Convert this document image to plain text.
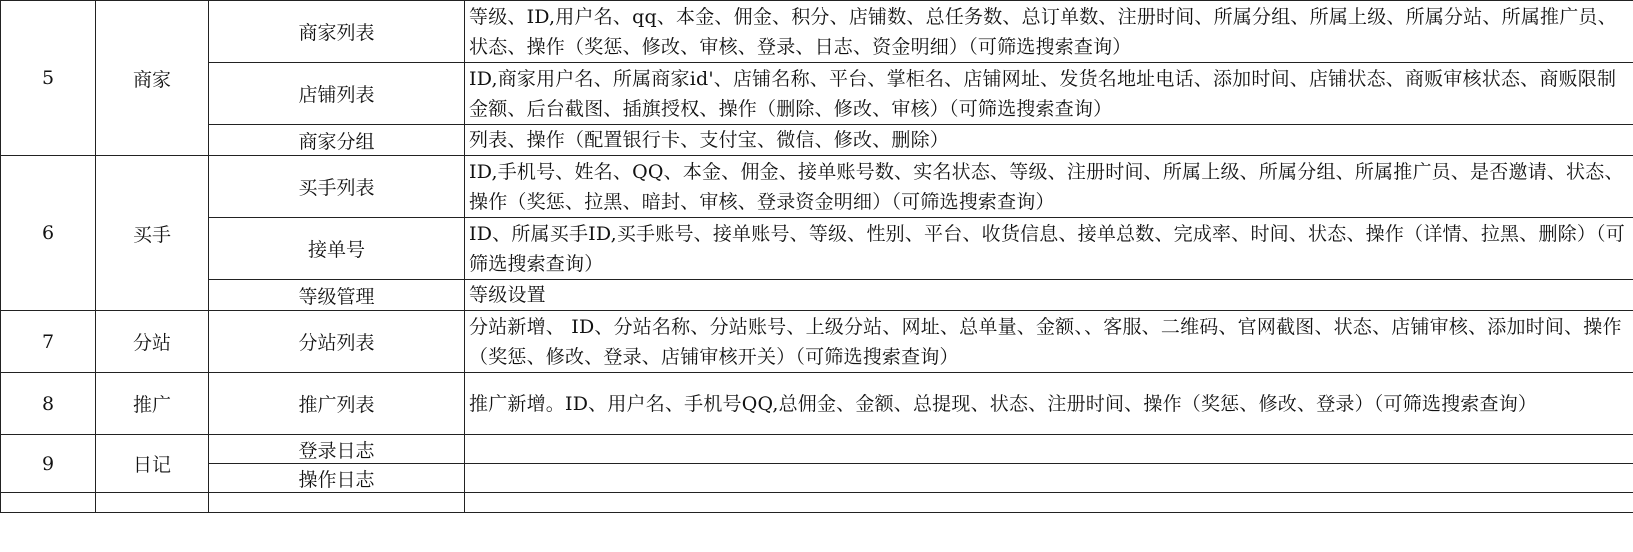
5	商家	商家列表	等级、ID,用户名、qq、本金、佣金、积分、店铺数、总任务数、总订单数、注册时间、所属分组、所属上级、所属分站、所属推广员、状态、操作（奖惩、修改、审核、登录、日志、资金明细）（可筛选搜索查询）
		店铺列表	ID,商家用户名、所属商家id'、店铺名称、平台、掌柜名、店铺网址、发货名地址电话、添加时间、店铺状态、商贩审核状态、商贩限制金额、后台截图、插旗授权、操作（删除、修改、审核）（可筛选搜索查询）
		商家分组	列表、操作（配置银行卡、支付宝、微信、修改、删除）
6	买手	买手列表	ID,手机号、姓名、QQ、本金、佣金、接单账号数、实名状态、等级、注册时间、所属上级、所属分组、所属推广员、是否邀请、状态、操作（奖惩、拉黑、暗封、审核、登录资金明细）（可筛选搜索查询）
		接单号	ID、所属买手ID,买手账号、接单账号、等级、性别、平台、收货信息、接单总数、完成率、时间、状态、操作（详情、拉黑、删除）（可筛选搜索查询）
		等级管理	等级设置
7	分站	分站列表	分站新增、 ID、分站名称、分站账号、上级分站、网址、总单量、金额、、客服、二维码、官网截图、状态、店铺审核、添加时间、操作（奖惩、修改、登录、店铺审核开关）（可筛选搜索查询）
8	推广	推广列表	推广新增。ID、用户名、手机号QQ,总佣金、金额、总提现、状态、注册时间、操作（奖惩、修改、登录）（可筛选搜索查询）
9	日记	登录日志	
		操作日志	
